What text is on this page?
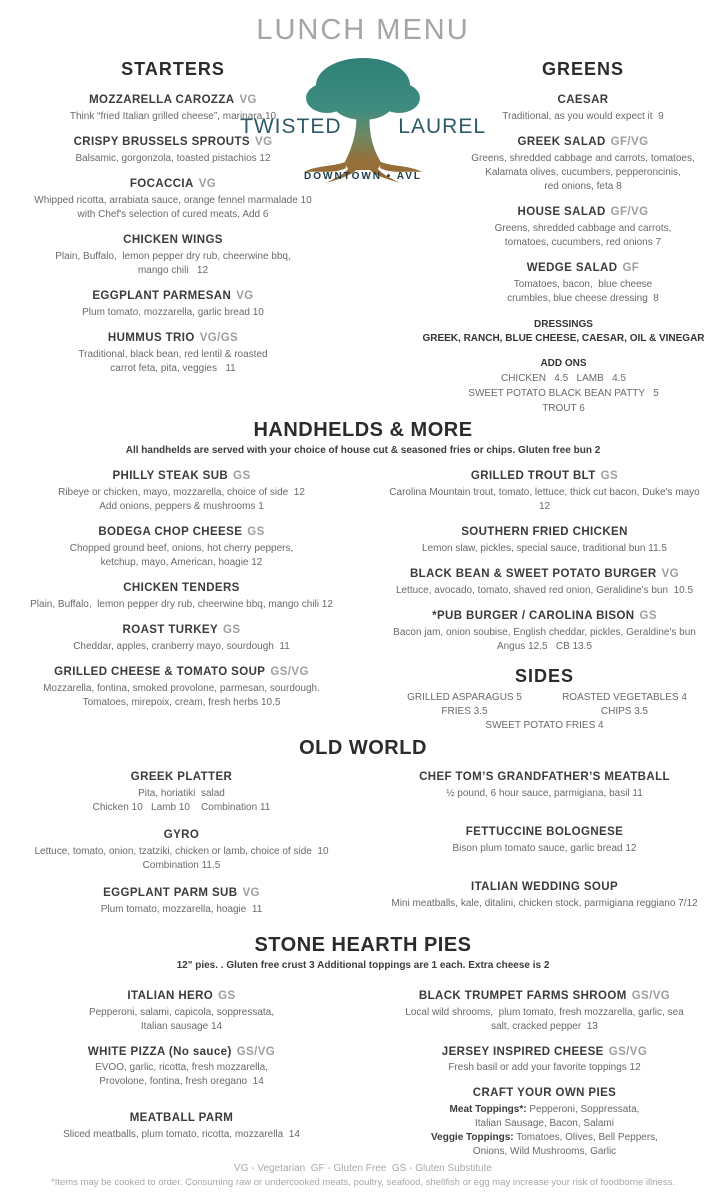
LUNCH MENU
STARTERS
MOZZARELLA CAROZZA VG
Think “fried Italian grilled cheese”, marinara 10
CRISPY BRUSSELS SPROUTS VG
Balsamic, gorgonzola, toasted pistachios 12
FOCACCIA VG
Whipped ricotta, arrabiata sauce, orange fennel marmalade 10
with Chef's selection of cured meats, Add 6
CHICKEN WINGS
Plain, Buffalo,  lemon pepper dry rub, cheerwine bbq,
mango chili   12
EGGPLANT PARMESAN VG
Plum tomato, mozzarella, garlic bread 10
HUMMUS TRIO VG/GS
Traditional, black bean, red lentil & roasted
carrot feta, pita, veggies   11
TWISTED	LAUREL
DOWNTOWN • AVL
GREENS
CAESAR
Traditional, as you would expect it  9
GREEK SALAD GF/VG
Greens, shredded cabbage and carrots, tomatoes,
Kalamata olives, cucumbers, pepperoncinis,
red onions, feta 8
HOUSE SALAD GF/VG
Greens, shredded cabbage and carrots,
tomatoes, cucumbers, red onions 7
WEDGE SALAD GF
Tomatoes, bacon,  blue cheese
crumbles, blue cheese dressing  8
DRESSINGS
GREEK, RANCH, BLUE CHEESE, CAESAR, OIL & VINEGAR
ADD ONS
CHICKEN   4.5   LAMB   4.5
SWEET POTATO BLACK BEAN PATTY   5
TROUT 6
HANDHELDS & MORE
All handhelds are served with your choice of house cut & seasoned fries or chips. Gluten free bun 2
PHILLY STEAK SUB GS
Ribeye or chicken, mayo, mozzarella, choice of side  12
Add onions, peppers & mushrooms 1
BODEGA CHOP CHEESE GS
Chopped ground beef, onions, hot cherry peppers,
ketchup, mayo, American, hoagie 12
CHICKEN TENDERS
Plain, Buffalo,  lemon pepper dry rub, cheerwine bbq, mango chili 12
ROAST TURKEY GS
Cheddar, apples, cranberry mayo, sourdough  11
GRILLED CHEESE & TOMATO SOUP GS/VG
Mozzarella, fontina, smoked provolone, parmesan, sourdough.
Tomatoes, mirepoix, cream, fresh herbs 10.5
GRILLED TROUT BLT GS
Carolina Mountain trout, tomato, lettuce, thick cut bacon, Duke's mayo
12
SOUTHERN FRIED CHICKEN
Lemon slaw, pickles, special sauce, traditional bun 11.5
BLACK BEAN & SWEET POTATO BURGER VG
Lettuce, avocado, tomato, shaved red onion, Geralidine's bun  10.5
*PUB BURGER / CAROLINA BISON GS
Bacon jam, onion soubise, English cheddar, pickles, Geraldine's bun
Angus 12.5   CB 13.5
SIDES
GRILLED ASPARAGUS 5	ROASTED VEGETABLES 4
FRIES 3.5	CHIPS 3.5
SWEET POTATO FRIES 4
OLD WORLD
GREEK PLATTER
Pita, horiatiki  salad
Chicken 10   Lamb 10    Combination 11
GYRO
Lettuce, tomato, onion, tzatziki, chicken or lamb, choice of side  10
Combination 11.5
EGGPLANT PARM SUB VG
Plum tomato, mozzarella, hoagie  11
CHEF TOM’S GRANDFATHER’S MEATBALL
½ pound, 6 hour sauce, parmigiana, basil 11
FETTUCCINE BOLOGNESE
Bison plum tomato sauce, garlic bread 12
ITALIAN WEDDING SOUP
Mini meatballs, kale, ditalini, chicken stock, parmigiana reggiano 7/12
STONE HEARTH PIES
12" pies. . Gluten free crust 3 Additional toppings are 1 each. Extra cheese is 2
ITALIAN HERO GS
Pepperoni, salami, capicola, soppressata,
Italian sausage 14
WHITE PIZZA (No sauce) GS/VG
EVOO, garlic, ricotta, fresh mozzarella,
Provolone, fontina, fresh oregano  14
MEATBALL PARM
Sliced meatballs, plum tomato, ricotta, mozzarella  14
BLACK TRUMPET FARMS SHROOM GS/VG
Local wild shrooms,  plum tomato, fresh mozzarella, garlic, sea
salt, cracked pepper  13
JERSEY INSPIRED CHEESE GS/VG
Fresh basil or add your favorite toppings 12
CRAFT YOUR OWN PIES
Meat Toppings*: Pepperoni, Soppressata,
Italian Sausage, Bacon, Salami
Veggie Toppings: Tomatoes, Olives, Bell Peppers,
Onions, Wild Mushrooms, Garlic
VG - Vegetarian  GF - Gluten Free  GS - Gluten Substitute
*Items may be cooked to order. Consuming raw or undercooked meats, poultry, seafood, shellfish or egg may increase your risk of foodborne illness.
